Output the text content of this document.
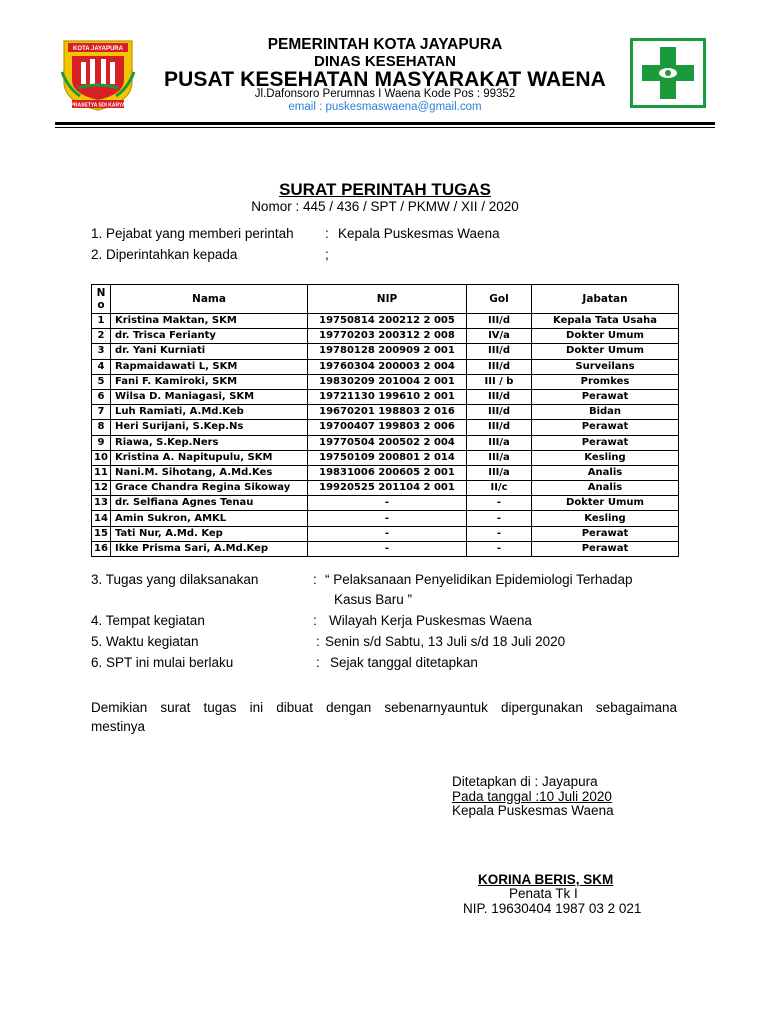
KOTA JAYAPURA
PRASETYA SDI KARYA
PEMERINTAH KOTA JAYAPURA
DINAS KESEHATAN
PUSAT KESEHATAN MASYARAKAT WAENA
Jl.Dafonsoro Perumnas I Waena Kode Pos : 99352
email : puskesmaswaena@gmail.com
SURAT PERINTAH TUGAS
Nomor : 445 / 436 / SPT / PKMW / XII / 2020
1. Pejabat yang memberi perintah : Kepala Puskesmas Waena
2. Diperintahkan kepada	;
N
o	Nama	NIP	Gol	Jabatan
1	Kristina Maktan, SKM	19750814 200212 2 005	III/d	Kepala Tata Usaha
2	dr. Trisca Ferianty	19770203 200312 2 008	IV/a	Dokter Umum
3	dr. Yani Kurniati	19780128 200909 2 001	III/d	Dokter Umum
4	Rapmaidawati L, SKM	19760304 200003 2 004	III/d	Surveilans
5	Fani F. Kamiroki, SKM	19830209 201004 2 001	III / b	Promkes
6	Wilsa D. Maniagasi, SKM	19721130 199610 2 001	III/d	Perawat
7	Luh Ramiati, A.Md.Keb	19670201 198803 2 016	III/d	Bidan
8	Heri Surijani, S.Kep.Ns	19700407 199803 2 006	III/d	Perawat
9	Riawa, S.Kep.Ners	19770504 200502 2 004	III/a	Perawat
10	Kristina A. Napitupulu, SKM	19750109 200801 2 014	III/a	Kesling
11	Nani.M. Sihotang, A.Md.Kes	19831006 200605 2 001	III/a	Analis
12	Grace Chandra Regina Sikoway	19920525 201104 2 001	II/c	Analis
13	dr. Selfiana Agnes Tenau	-	-	Dokter Umum
14	Amin Sukron, AMKL	-	-	Kesling
15	Tati Nur, A.Md. Kep	-	-	Perawat
16	Ikke Prisma Sari, A.Md.Kep	-	-	Perawat
3. Tugas yang dilaksanakan	: “ Pelaksanaan Penyelidikan Epidemiologi Terhadap
Kasus Baru ”
4. Tempat kegiatan	: Wilayah Kerja Puskesmas Waena
5. Waktu kegiatan	: Senin s/d Sabtu, 13 Juli s/d 18 Juli 2020
6. SPT ini mulai berlaku	: Sejak tanggal ditetapkan
Demikian surat tugas ini dibuat dengan sebenarnyauntuk dipergunakan sebagaimana
mestinya
Ditetapkan di : Jayapura
Pada tanggal :10 Juli 2020
Kepala Puskesmas Waena
KORINA BERIS, SKM
Penata Tk I
NIP. 19630404 1987 03 2 021
